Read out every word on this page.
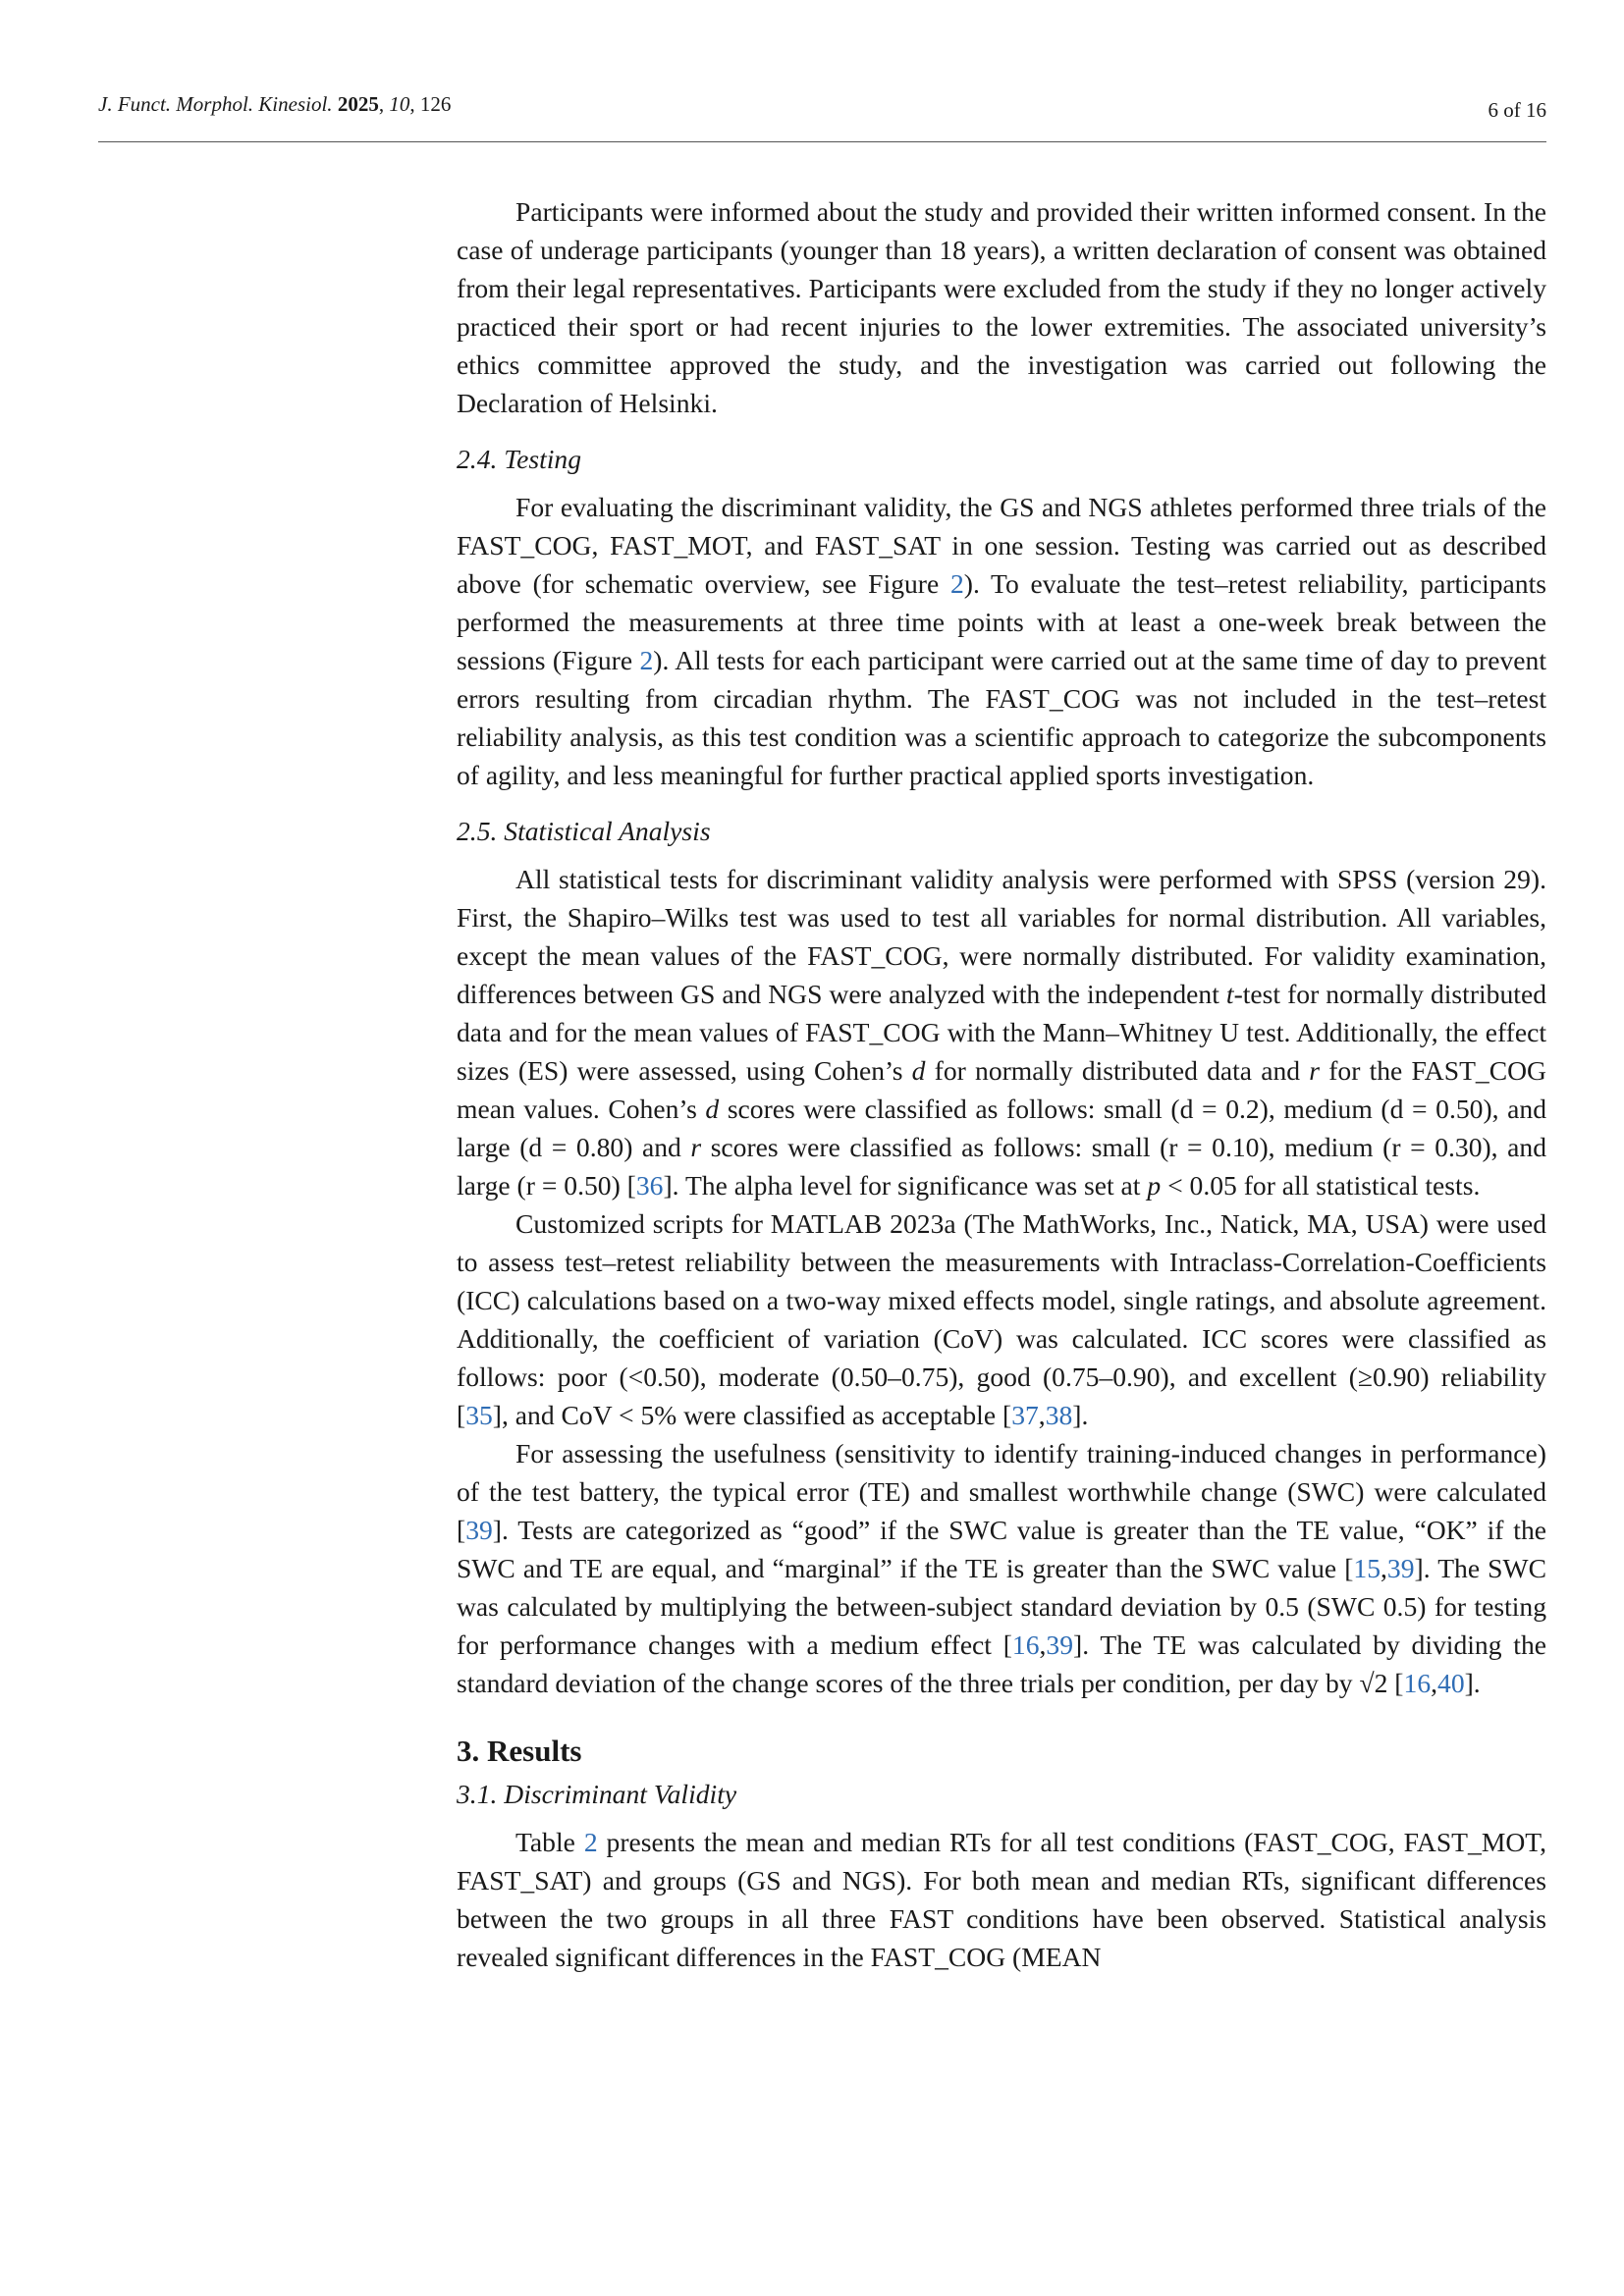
J. Funct. Morphol. Kinesiol. 2025, 10, 126	6 of 16

Participants were informed about the study and provided their written informed consent. In the case of underage participants (younger than 18 years), a written declaration of consent was obtained from their legal representatives. Participants were excluded from the study if they no longer actively practiced their sport or had recent injuries to the lower extremities. The associated university’s ethics committee approved the study, and the investigation was carried out following the Declaration of Helsinki.

2.4. Testing

For evaluating the discriminant validity, the GS and NGS athletes performed three trials of the FAST_COG, FAST_MOT, and FAST_SAT in one session. Testing was carried out as described above (for schematic overview, see Figure 2). To evaluate the test–retest reliability, participants performed the measurements at three time points with at least a one-week break between the sessions (Figure 2). All tests for each participant were carried out at the same time of day to prevent errors resulting from circadian rhythm. The FAST_COG was not included in the test–retest reliability analysis, as this test condition was a scientific approach to categorize the subcomponents of agility, and less meaningful for further practical applied sports investigation.

2.5. Statistical Analysis

All statistical tests for discriminant validity analysis were performed with SPSS (version 29). First, the Shapiro–Wilks test was used to test all variables for normal distribution. All variables, except the mean values of the FAST_COG, were normally distributed. For validity examination, differences between GS and NGS were analyzed with the independent t-test for normally distributed data and for the mean values of FAST_COG with the Mann–Whitney U test. Additionally, the effect sizes (ES) were assessed, using Cohen’s d for normally distributed data and r for the FAST_COG mean values. Cohen’s d scores were classified as follows: small (d = 0.2), medium (d = 0.50), and large (d = 0.80) and r scores were classified as follows: small (r = 0.10), medium (r = 0.30), and large (r = 0.50) [36]. The alpha level for significance was set at p < 0.05 for all statistical tests.

Customized scripts for MATLAB 2023a (The MathWorks, Inc., Natick, MA, USA) were used to assess test–retest reliability between the measurements with Intraclass-Correlation-Coefficients (ICC) calculations based on a two-way mixed effects model, single ratings, and absolute agreement. Additionally, the coefficient of variation (CoV) was calculated. ICC scores were classified as follows: poor (<0.50), moderate (0.50–0.75), good (0.75–0.90), and excellent (≥0.90) reliability [35], and CoV < 5% were classified as acceptable [37,38].

For assessing the usefulness (sensitivity to identify training-induced changes in performance) of the test battery, the typical error (TE) and smallest worthwhile change (SWC) were calculated [39]. Tests are categorized as “good” if the SWC value is greater than the TE value, “OK” if the SWC and TE are equal, and “marginal” if the TE is greater than the SWC value [15,39]. The SWC was calculated by multiplying the between-subject standard deviation by 0.5 (SWC 0.5) for testing for performance changes with a medium effect [16,39]. The TE was calculated by dividing the standard deviation of the change scores of the three trials per condition, per day by √2 [16,40].

3. Results
3.1. Discriminant Validity

Table 2 presents the mean and median RTs for all test conditions (FAST_COG, FAST_MOT, FAST_SAT) and groups (GS and NGS). For both mean and median RTs, significant differences between the two groups in all three FAST conditions have been observed. Statistical analysis revealed significant differences in the FAST_COG (MEAN
